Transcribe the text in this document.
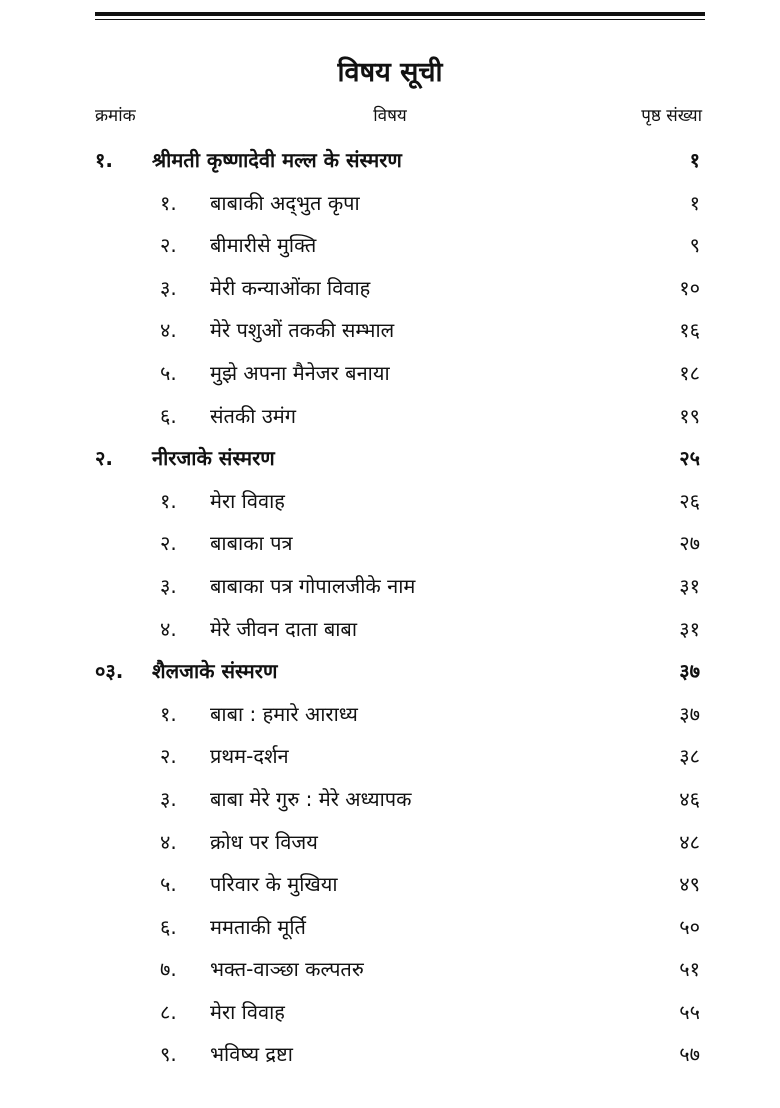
विषय सूची
क्रमांक	विषय	पृष्ठ संख्या
१. श्रीमती कृष्णादेवी मल्ल के संस्मरण	१
१. बाबाकी अद्‌भुत कृपा	१
२. बीमारीसे मुक्ति	९
३. मेरी कन्याओंका विवाह	१०
४. मेरे पशुओं तककी सम्भाल	१६
५. मुझे अपना मैनेजर बनाया	१८
६. संतकी उमंग	१९
२. नीरजाके संस्मरण	२५
१. मेरा विवाह	२६
२. बाबाका पत्र	२७
३. बाबाका पत्र गोपालजीके नाम	३१
४. मेरे जीवन दाता बाबा	३१
०३. शैलजाके संस्मरण	३७
१. बाबा : हमारे आराध्य	३७
२. प्रथम-दर्शन	३८
३. बाबा मेरे गुरु : मेरे अध्यापक	४६
४. क्रोध पर विजय	४८
५. परिवार के मुखिया	४९
६. ममताकी मूर्ति	५०
७. भक्त-वाञ्छा कल्पतरु	५१
८. मेरा विवाह	५५
९. भविष्य द्रष्टा	५७
